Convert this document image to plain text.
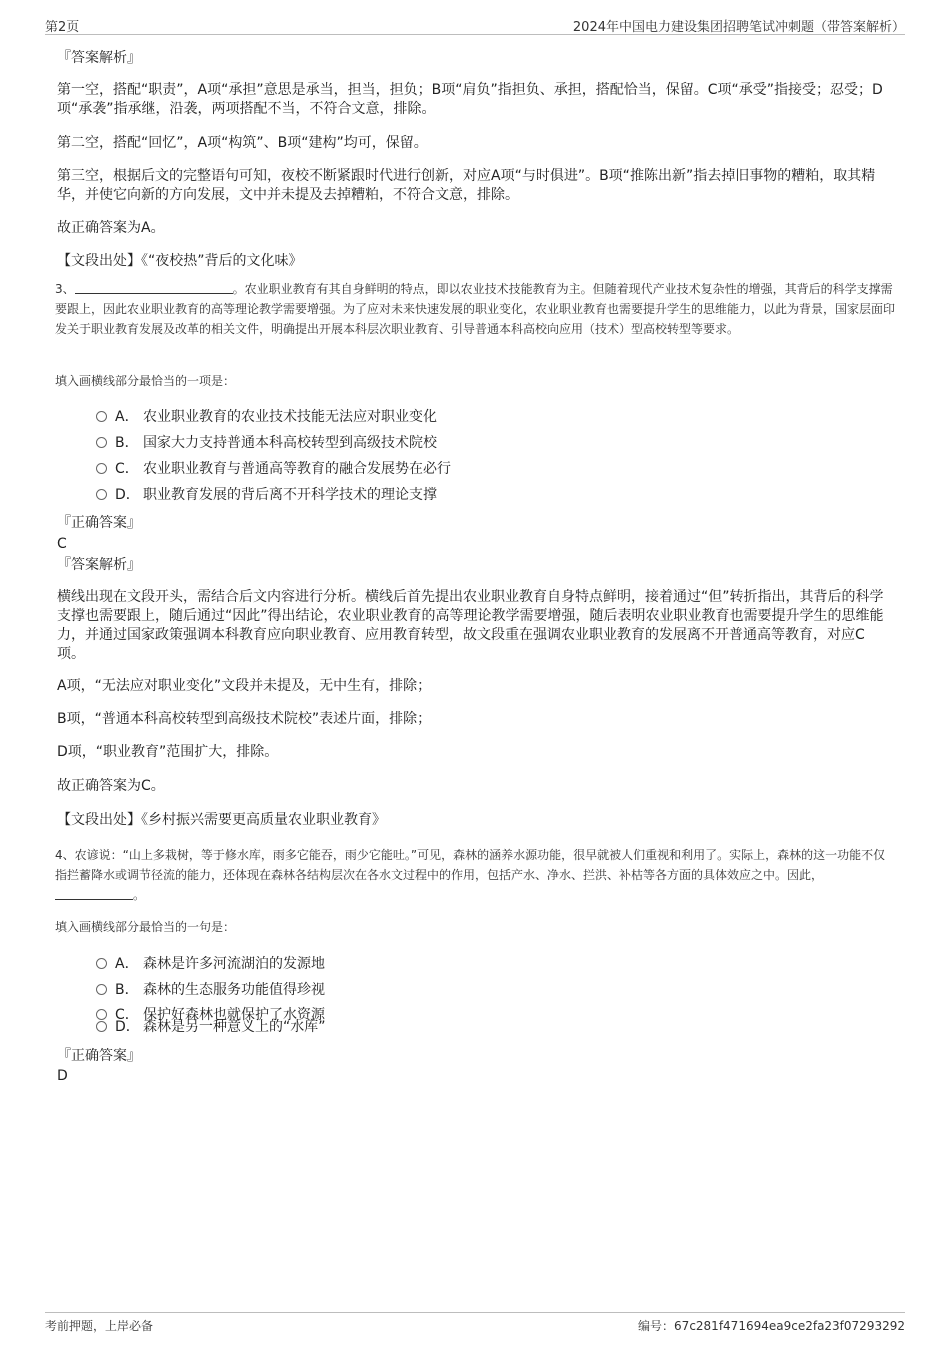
第2页	2024年中国电力建设集团招聘笔试冲刺题（带答案解析）
『答案解析』
第一空，搭配“职责”，A项“承担”意思是承当，担当，担负；B项“肩负”指担负、承担，搭配恰当，保留。C项“承受”指接受；忍受；D项“承袭”指承继，沿袭，两项搭配不当，不符合文意，排除。
第二空，搭配“回忆”，A项“构筑”、B项“建构”均可，保留。
第三空，根据后文的完整语句可知，夜校不断紧跟时代进行创新，对应A项“与时俱进”。B项“推陈出新”指去掉旧事物的糟粕，取其精华，并使它向新的方向发展，文中并未提及去掉糟粕，不符合文意，排除。
故正确答案为A。
【文段出处】《“夜校热”背后的文化味》
3、	。农业职业教育有其自身鲜明的特点，即以农业技术技能教育为主。但随着现代产业技术复杂性的增强，其背后的科学支撑需要跟上，因此农业职业教育的高等理论教学需要增强。为了应对未来快速发展的职业变化，农业职业教育也需要提升学生的思维能力，以此为背景，国家层面印发关于职业教育发展及改革的相关文件，明确提出开展本科层次职业教育、引导普通本科高校向应用（技术）型高校转型等要求。
填入画横线部分最恰当的一项是：
A． 农业职业教育的农业技术技能无法应对职业变化
B． 国家大力支持普通本科高校转型到高级技术院校
C． 农业职业教育与普通高等教育的融合发展势在必行
D． 职业教育发展的背后离不开科学技术的理论支撑
『正确答案』
C
『答案解析』
横线出现在文段开头，需结合后文内容进行分析。横线后首先提出农业职业教育自身特点鲜明，接着通过“但”转折指出，其背后的科学支撑也需要跟上，随后通过“因此”得出结论，农业职业教育的高等理论教学需要增强，随后表明农业职业教育也需要提升学生的思维能力，并通过国家政策强调本科教育应向职业教育、应用教育转型，故文段重在强调农业职业教育的发展离不开普通高等教育，对应C项。
A项，“无法应对职业变化”文段并未提及，无中生有，排除；
B项，“普通本科高校转型到高级技术院校”表述片面，排除；
D项，“职业教育”范围扩大，排除。
故正确答案为C。
【文段出处】《乡村振兴需要更高质量农业职业教育》
4、农谚说：“山上多栽树，等于修水库，雨多它能吞，雨少它能吐。”可见，森林的涵养水源功能，很早就被人们重视和利用了。实际上，森林的这一功能不仅指拦蓄降水或调节径流的能力，还体现在森林各结构层次在各水文过程中的作用，包括产水、净水、拦洪、补枯等各方面的具体效应之中。因此，。
填入画横线部分最恰当的一句是：
A． 森林是许多河流湖泊的发源地
B． 森林的生态服务功能值得珍视
C． 保护好森林也就保护了水资源
D． 森林是另一种意义上的“水库”
『正确答案』
D
考前押题，上岸必备	编号：67c281f471694ea9ce2fa23f07293292
